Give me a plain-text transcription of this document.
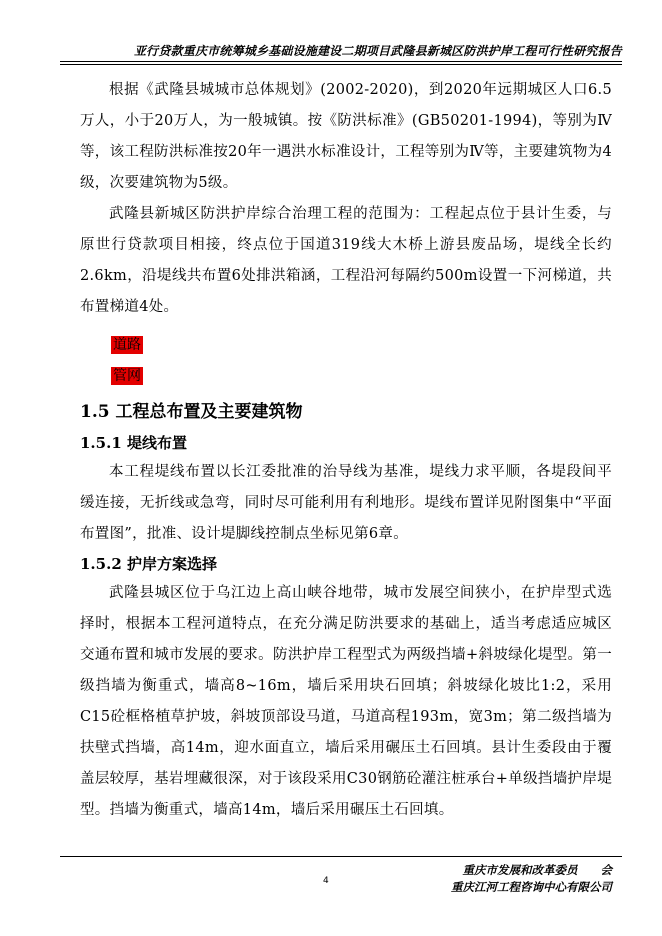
亚行贷款重庆市统筹城乡基础设施建设二期项目武隆县新城区防洪护岸工程可行性研究报告

根据《武隆县城城市总体规划》(2002-2020)，到2020年远期城区人口6.5万人，小于20万人，为一般城镇。按《防洪标准》(GB50201-1994)，等别为Ⅳ等，该工程防洪标准按20年一遇洪水标准设计，工程等别为Ⅳ等，主要建筑物为4级，次要建筑物为5级。

武隆县新城区防洪护岸综合治理工程的范围为：工程起点位于县计生委，与原世行贷款项目相接，终点位于国道319线大木桥上游县废品场，堤线全长约2.6km，沿堤线共布置6处排洪箱涵，工程沿河每隔约500m设置一下河梯道，共布置梯道4处。

道路
管网
1.5 工程总布置及主要建筑物
1.5.1 堤线布置

本工程堤线布置以长江委批准的治导线为基准，堤线力求平顺，各堤段间平缓连接，无折线或急弯，同时尽可能利用有利地形。堤线布置详见附图集中“平面布置图”，批准、设计堤脚线控制点坐标见第6章。

1.5.2 护岸方案选择

武隆县城区位于乌江边上高山峡谷地带，城市发展空间狭小，在护岸型式选择时，根据本工程河道特点，在充分满足防洪要求的基础上，适当考虑适应城区交通布置和城市发展的要求。防洪护岸工程型式为两级挡墙+斜坡绿化堤型。第一级挡墙为衡重式，墙高8~16m，墙后采用块石回填；斜坡绿化坡比1:2，采用C15砼框格植草护坡，斜坡顶部设马道，马道高程193m，宽3m；第二级挡墙为扶壁式挡墙，高14m，迎水面直立，墙后采用碾压土石回填。县计生委段由于覆盖层较厚，基岩埋藏很深，对于该段采用C30钢筋砼灌注桩承台+单级挡墙护岸堤型。挡墙为衡重式，墙高14m，墙后采用碾压土石回填。

4
重庆市发展和改革委员　　会
重庆江河工程咨询中心有限公司
